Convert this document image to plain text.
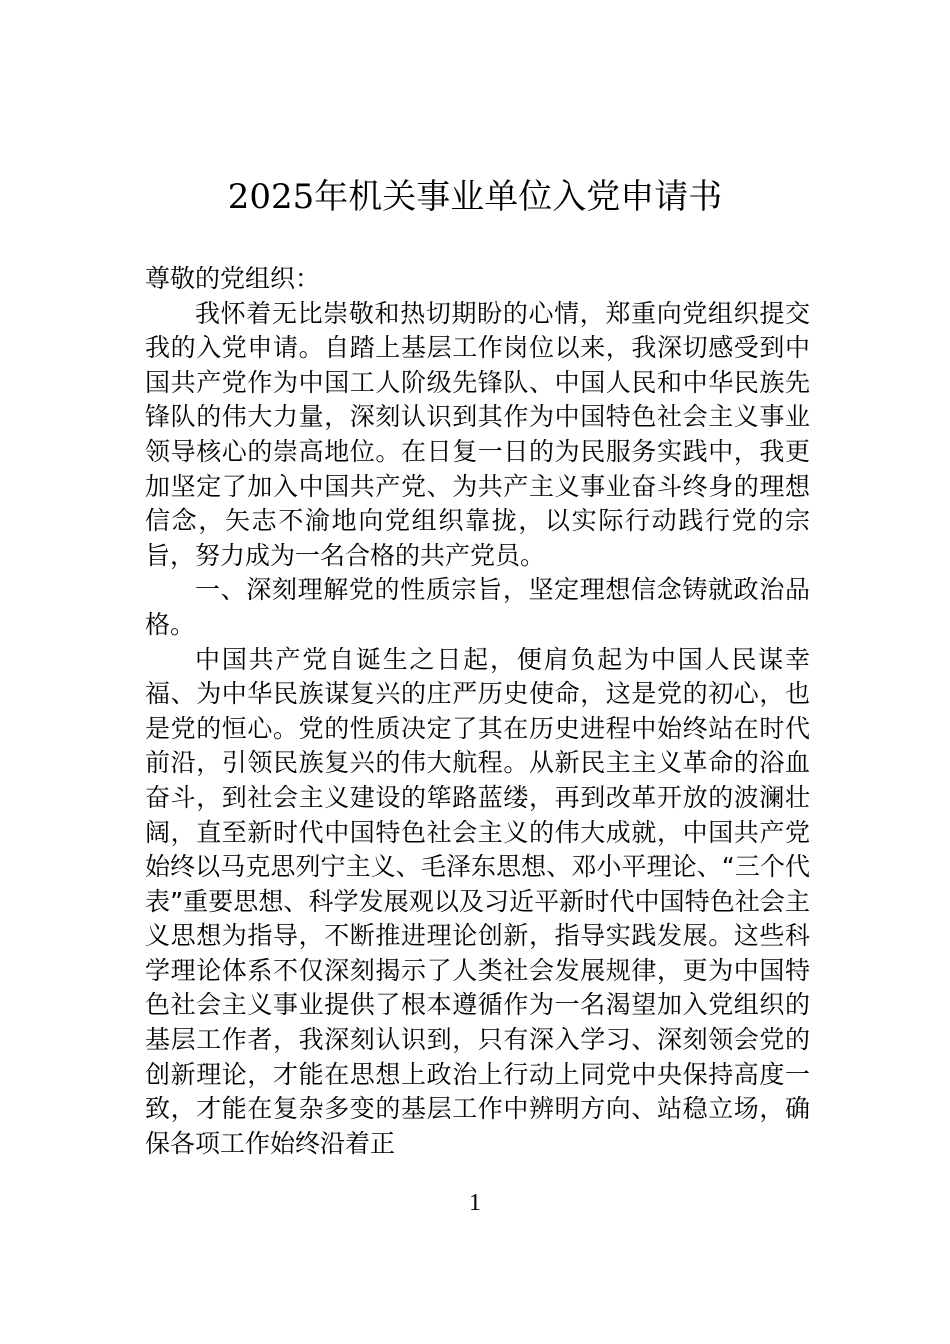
2025年机关事业单位入党申请书

尊敬的党组织：

我怀着无比崇敬和热切期盼的心情，郑重向党组织提交我的入党申请。自踏上基层工作岗位以来，我深切感受到中国共产党作为中国工人阶级先锋队、中国人民和中华民族先锋队的伟大力量，深刻认识到其作为中国特色社会主义事业领导核心的崇高地位。在日复一日的为民服务实践中，我更加坚定了加入中国共产党、为共产主义事业奋斗终身的理想信念，矢志不渝地向党组织靠拢，以实际行动践行党的宗旨，努力成为一名合格的共产党员。

一、深刻理解党的性质宗旨，坚定理想信念铸就政治品格。

中国共产党自诞生之日起，便肩负起为中国人民谋幸福、为中华民族谋复兴的庄严历史使命，这是党的初心，也是党的恒心。党的性质决定了其在历史进程中始终站在时代前沿，引领民族复兴的伟大航程。从新民主主义革命的浴血奋斗，到社会主义建设的筚路蓝缕，再到改革开放的波澜壮阔，直至新时代中国特色社会主义的伟大成就，中国共产党始终以马克思列宁主义、毛泽东思想、邓小平理论、“三个代表”重要思想、科学发展观以及习近平新时代中国特色社会主义思想为指导，不断推进理论创新，指导实践发展。这些科学理论体系不仅深刻揭示了人类社会发展规律，更为中国特色社会主义事业提供了根本遵循作为一名渴望加入党组织的基层工作者，我深刻认识到，只有深入学习、深刻领会党的创新理论，才能在思想上政治上行动上同党中央保持高度一致，才能在复杂多变的基层工作中辨明方向、站稳立场，确保各项工作始终沿着正

1
